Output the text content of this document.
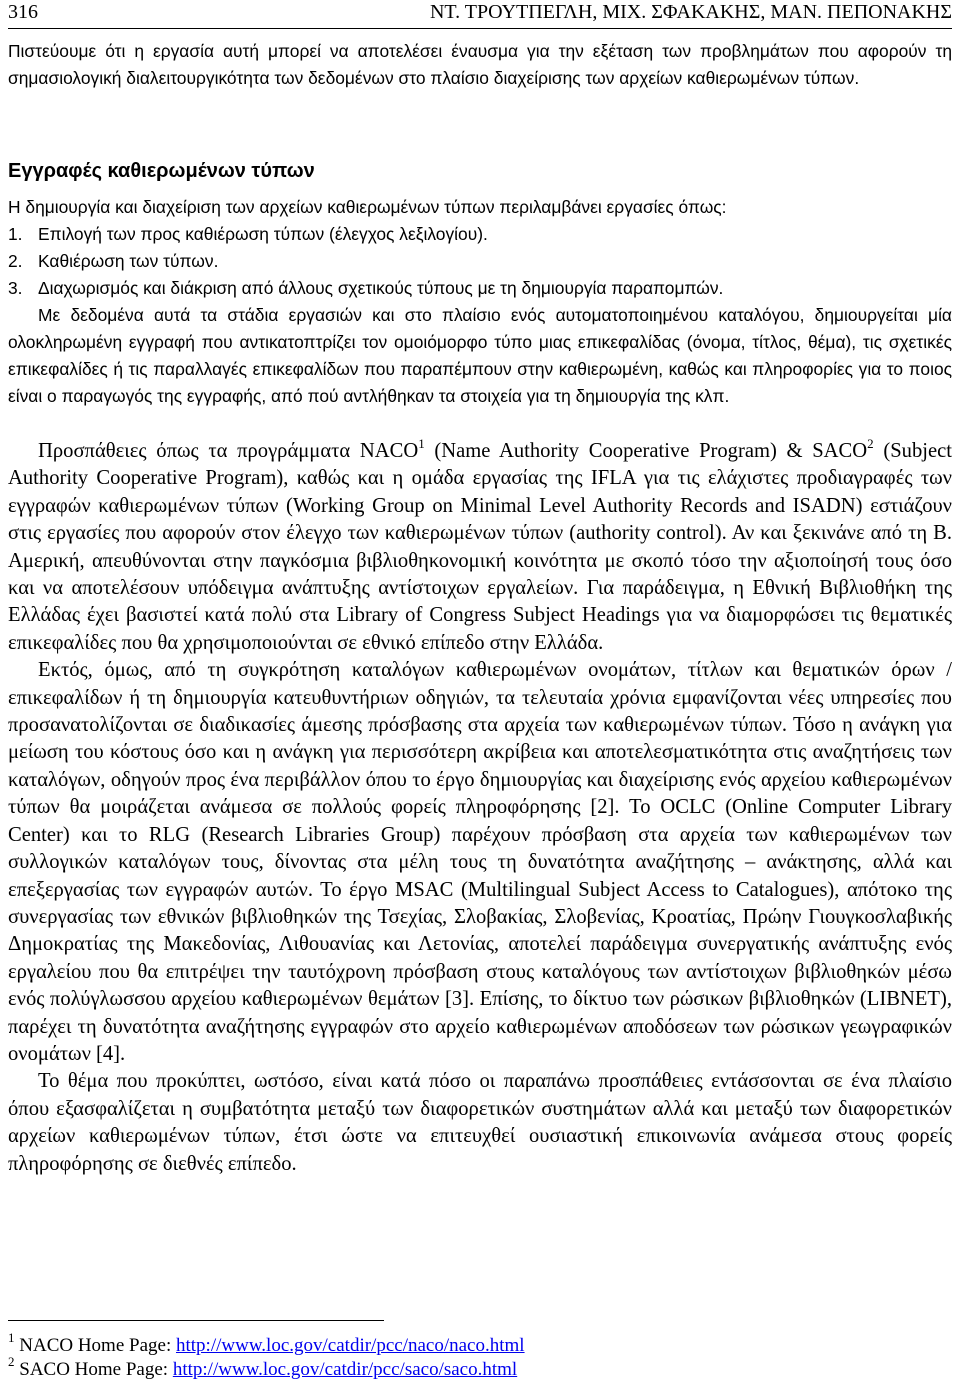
316	ΝΤ. ΤΡΟΥΤΠΕΓΛΗ, ΜΙΧ. ΣΦΑΚΑΚΗΣ, ΜΑΝ. ΠΕΠΟΝΑΚΗΣ

Πιστεύουμε ότι η εργασία αυτή μπορεί να αποτελέσει έναυσμα για την εξέταση των προβλημάτων που αφορούν τη σημασιολογική διαλειτουργικότητα των δεδομένων στο πλαίσιο διαχείρισης των αρχείων καθιερωμένων τύπων.

Εγγραφές καθιερωμένων τύπων

Η δημιουργία και διαχείριση των αρχείων καθιερωμένων τύπων περιλαμβάνει εργασίες όπως:

1. Επιλογή των προς καθιέρωση τύπων (έλεγχος λεξιλογίου).
2. Καθιέρωση των τύπων.
3. Διαχωρισμός και διάκριση από άλλους σχετικούς τύπους με τη δημιουργία παραπομπών.

Με δεδομένα αυτά τα στάδια εργασιών και στο πλαίσιο ενός αυτοματοποιημένου καταλόγου, δημιουργείται μία ολοκληρωμένη εγγραφή που αντικατοπτρίζει τον ομοιόμορφο τύπο μιας επικεφαλίδας (όνομα, τίτλος, θέμα), τις σχετικές επικεφαλίδες ή τις παραλλαγές επικεφαλίδων που παραπέμπουν στην καθιερωμένη, καθώς και πληροφορίες για το ποιος είναι ο παραγωγός της εγγραφής, από πού αντλήθηκαν τα στοιχεία για τη δημιουργία της κλπ.

Προσπάθειες όπως τα προγράμματα NACO$^1$ (Name Authority Cooperative Program) & SACO$^2$ (Subject Authority Cooperative Program), καθώς και η ομάδα εργασίας της IFLA για τις ελάχιστες προδιαγραφές των εγγραφών καθιερωμένων τύπων (Working Group on Minimal Level Authority Records and ISADN) εστιάζουν στις εργασίες που αφορούν στον έλεγχο των καθιερωμένων τύπων (authority control). Αν και ξεκινάνε από τη Β. Αμερική, απευθύνονται στην παγκόσμια βιβλιοθηκονομική κοινότητα με σκοπό τόσο την αξιοποίησή τους όσο και να αποτελέσουν υπόδειγμα ανάπτυξης αντίστοιχων εργαλείων. Για παράδειγμα, η Εθνική Βιβλιοθήκη της Ελλάδας έχει βασιστεί κατά πολύ στα Library of Congress Subject Headings για να διαμορφώσει τις θεματικές επικεφαλίδες που θα χρησιμοποιούνται σε εθνικό επίπεδο στην Ελλάδα.

Εκτός, όμως, από τη συγκρότηση καταλόγων καθιερωμένων ονομάτων, τίτλων και θεματικών όρων / επικεφαλίδων ή τη δημιουργία κατευθυντήριων οδηγιών, τα τελευταία χρόνια εμφανίζονται νέες υπηρεσίες που προσανατολίζονται σε διαδικασίες άμεσης πρόσβασης στα αρχεία των καθιερωμένων τύπων. Τόσο η ανάγκη για μείωση του κόστους όσο και η ανάγκη για περισσότερη ακρίβεια και αποτελεσματικότητα στις αναζητήσεις των καταλόγων, οδηγούν προς ένα περιβάλλον όπου το έργο δημιουργίας και διαχείρισης ενός αρχείου καθιερωμένων τύπων θα μοιράζεται ανάμεσα σε πολλούς φορείς πληροφόρησης [2]. Το OCLC (Online Computer Library Center) και το RLG (Research Libraries Group) παρέχουν πρόσβαση στα αρχεία των καθιερωμένων των συλλογικών καταλόγων τους, δίνοντας στα μέλη τους τη δυνατότητα αναζήτησης – ανάκτησης, αλλά και επεξεργασίας των εγγραφών αυτών. Το έργο MSAC (Multilingual Subject Access to Catalogues), απότοκο της συνεργασίας των εθνικών βιβλιοθηκών της Τσεχίας, Σλοβακίας, Σλοβενίας, Κροατίας, Πρώην Γιουγκοσλαβικής Δημοκρατίας της Μακεδονίας, Λιθουανίας και Λετονίας, αποτελεί παράδειγμα συνεργατικής ανάπτυξης ενός εργαλείου που θα επιτρέψει την ταυτόχρονη πρόσβαση στους καταλόγους των αντίστοιχων βιβλιοθηκών μέσω ενός πολύγλωσσου αρχείου καθιερωμένων θεμάτων [3]. Επίσης, το δίκτυο των ρώσικων βιβλιοθηκών (LIBNET), παρέχει τη δυνατότητα αναζήτησης εγγραφών στο αρχείο καθιερωμένων αποδόσεων των ρώσικων γεωγραφικών ονομάτων [4].

Το θέμα που προκύπτει, ωστόσο, είναι κατά πόσο οι παραπάνω προσπάθειες εντάσσονται σε ένα πλαίσιο όπου εξασφαλίζεται η συμβατότητα μεταξύ των διαφορετικών συστημάτων αλλά και μεταξύ των διαφορετικών αρχείων καθιερωμένων τύπων, έτσι ώστε να επιτευχθεί ουσιαστική επικοινωνία ανάμεσα στους φορείς πληροφόρησης σε διεθνές επίπεδο.

$^1$ NACO Home Page: http://www.loc.gov/catdir/pcc/naco/naco.html

$^2$ SACO Home Page: http://www.loc.gov/catdir/pcc/saco/saco.html
